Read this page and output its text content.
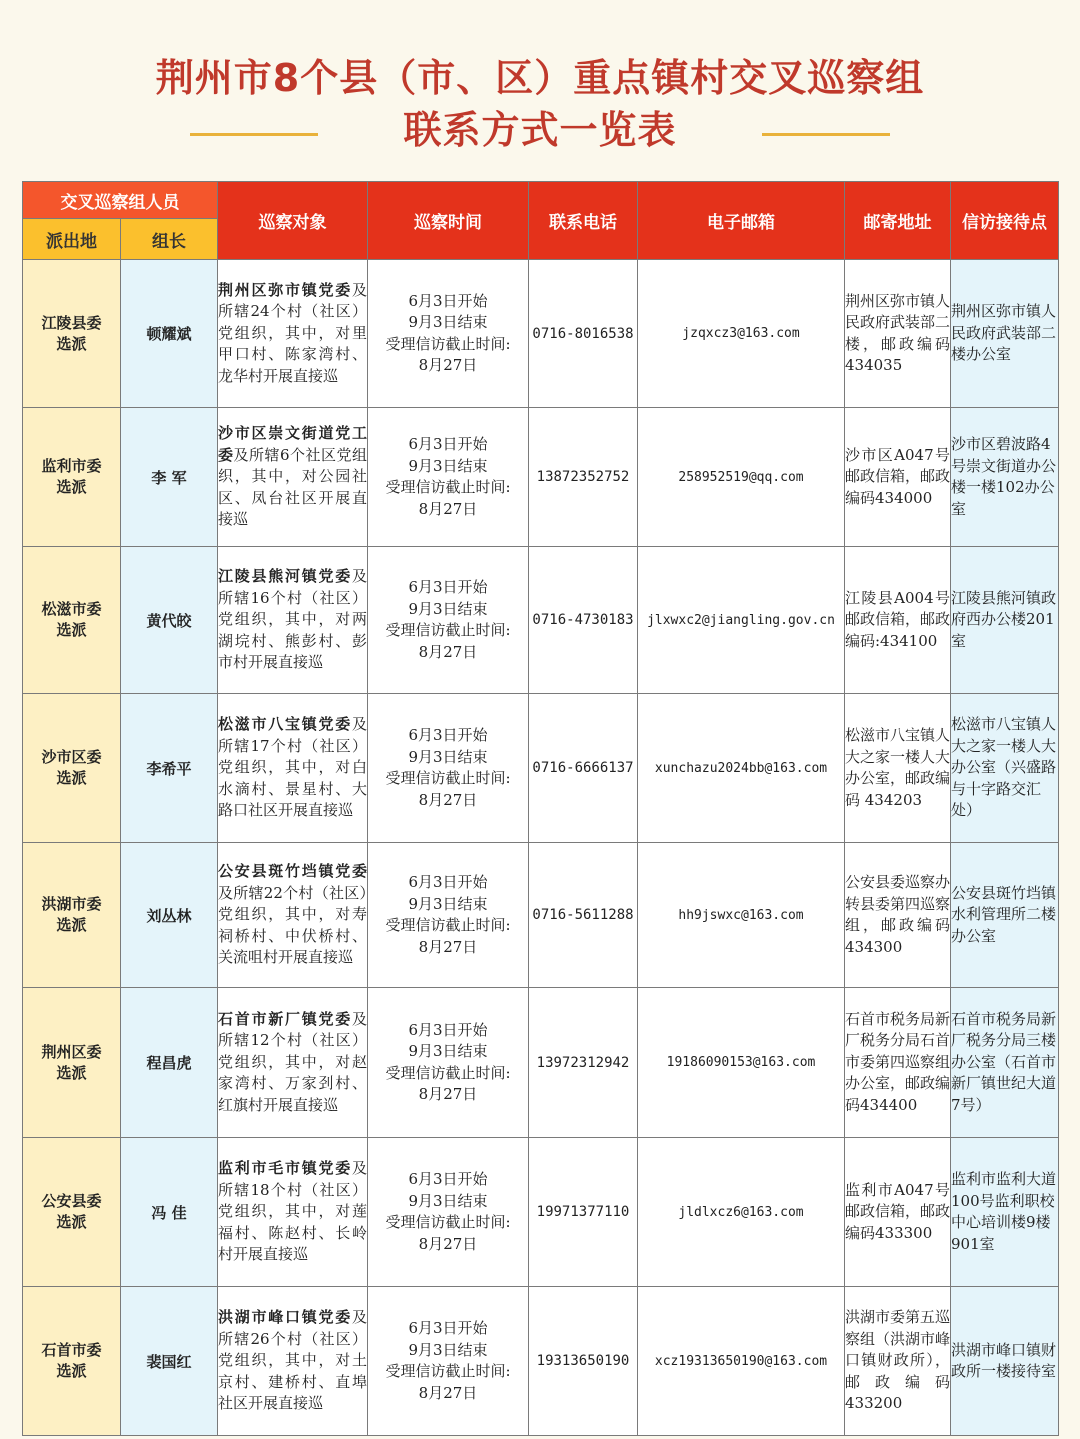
荆州市8个县（市、区）重点镇村交叉巡察组
联系方式一览表
交叉巡察组人员		巡察对象	巡察时间	联系电话	电子邮箱	邮寄地址	信访接待点
派出地	组长						

江陵县委
选派	顿耀斌	荆州区弥市镇党委及所辖24个村（社区）党组织，其中，对里甲口村、陈家湾村、龙华村开展直接巡	6月3日开始
9月3日结束
受理信访截止时间:
8月27日	0716-8016538	jzqxcz3@163.com	荆州区弥市镇人民政府武装部二楼，邮政编码434035	荆州区弥市镇人民政府武装部二楼办公室

监利市委
选派	李 军	沙市区崇文街道党工委及所辖6个社区党组织，其中，对公园社区、凤台社区开展直接巡	6月3日开始
9月3日结束
受理信访截止时间:
8月27日	13872352752	258952519@qq.com	沙市区A047号邮政信箱，邮政编码434000	沙市区碧波路4号崇文街道办公楼一楼102办公室

松滋市委
选派	黄代皎	江陵县熊河镇党委及所辖16个村（社区）党组织，其中，对两湖垸村、熊彭村、彭市村开展直接巡	6月3日开始
9月3日结束
受理信访截止时间:
8月27日	0716-4730183	jlxwxc2@jiangling.gov.cn	江陵县A004号邮政信箱，邮政编码:434100	江陵县熊河镇政府西办公楼201室

沙市区委
选派	李希平	松滋市八宝镇党委及所辖17个村（社区）党组织，其中，对白水滴村、景星村、大路口社区开展直接巡	6月3日开始
9月3日结束
受理信访截止时间:
8月27日	0716-6666137	xunchazu2024bb@163.com	松滋市八宝镇人大之家一楼人大办公室，邮政编码 434203	松滋市八宝镇人大之家一楼人大办公室（兴盛路与十字路交汇处）

洪湖市委
选派	刘丛林	公安县斑竹垱镇党委及所辖22个村（社区）党组织，其中，对寿祠桥村、中伏桥村、关流咀村开展直接巡	6月3日开始
9月3日结束
受理信访截止时间:
8月27日	0716-5611288	hh9jswxc@163.com	公安县委巡察办转县委第四巡察组，邮政编码434300	公安县斑竹垱镇水利管理所二楼办公室

荆州区委
选派	程昌虎	石首市新厂镇党委及所辖12个村（社区）党组织，其中，对赵家湾村、万家刭村、红旗村开展直接巡	6月3日开始
9月3日结束
受理信访截止时间:
8月27日	13972312942	19186090153@163.com	石首市税务局新厂税务分局石首市委第四巡察组办公室，邮政编码434400	石首市税务局新厂税务分局三楼办公室（石首市新厂镇世纪大道7号）

公安县委
选派	冯 佳	监利市毛市镇党委及所辖18个村（社区）党组织，其中，对莲福村、陈赵村、长岭村开展直接巡	6月3日开始
9月3日结束
受理信访截止时间:
8月27日	19971377110	jldlxcz6@163.com	监利市A047号邮政信箱，邮政编码433300	监利市监利大道100号监利职校中心培训楼9楼901室

石首市委
选派	裴国红	洪湖市峰口镇党委及所辖26个村（社区）党组织，其中，对土京村、建桥村、直埠社区开展直接巡	6月3日开始
9月3日结束
受理信访截止时间:
8月27日	19313650190	xcz19313650190@163.com	洪湖市委第五巡察组（洪湖市峰口镇财政所），邮政编码433200	洪湖市峰口镇财政所一楼接待室
